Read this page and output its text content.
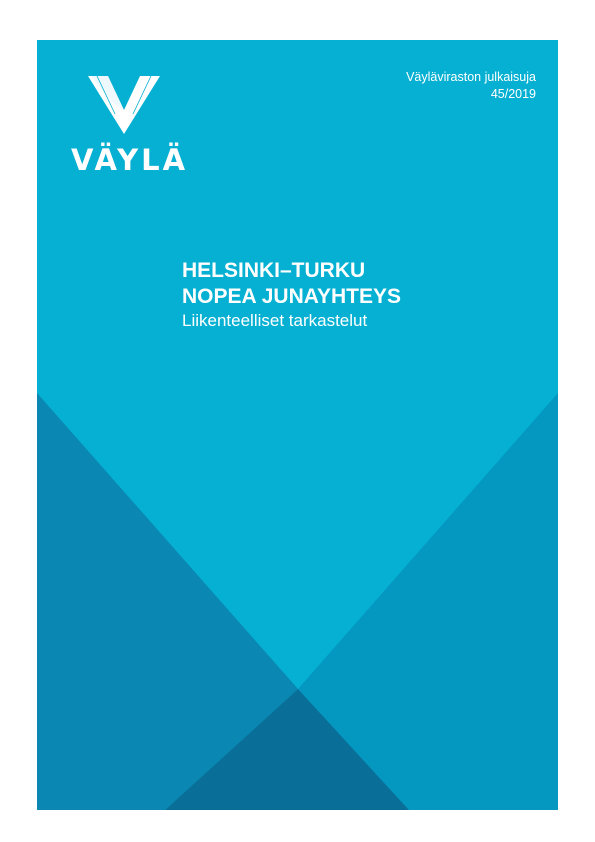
VÄYLÄ
Väyläviraston julkaisuja
45/2019
HELSINKI–TURKU
NOPEA JUNAYHTEYS
Liikenteelliset tarkastelut
